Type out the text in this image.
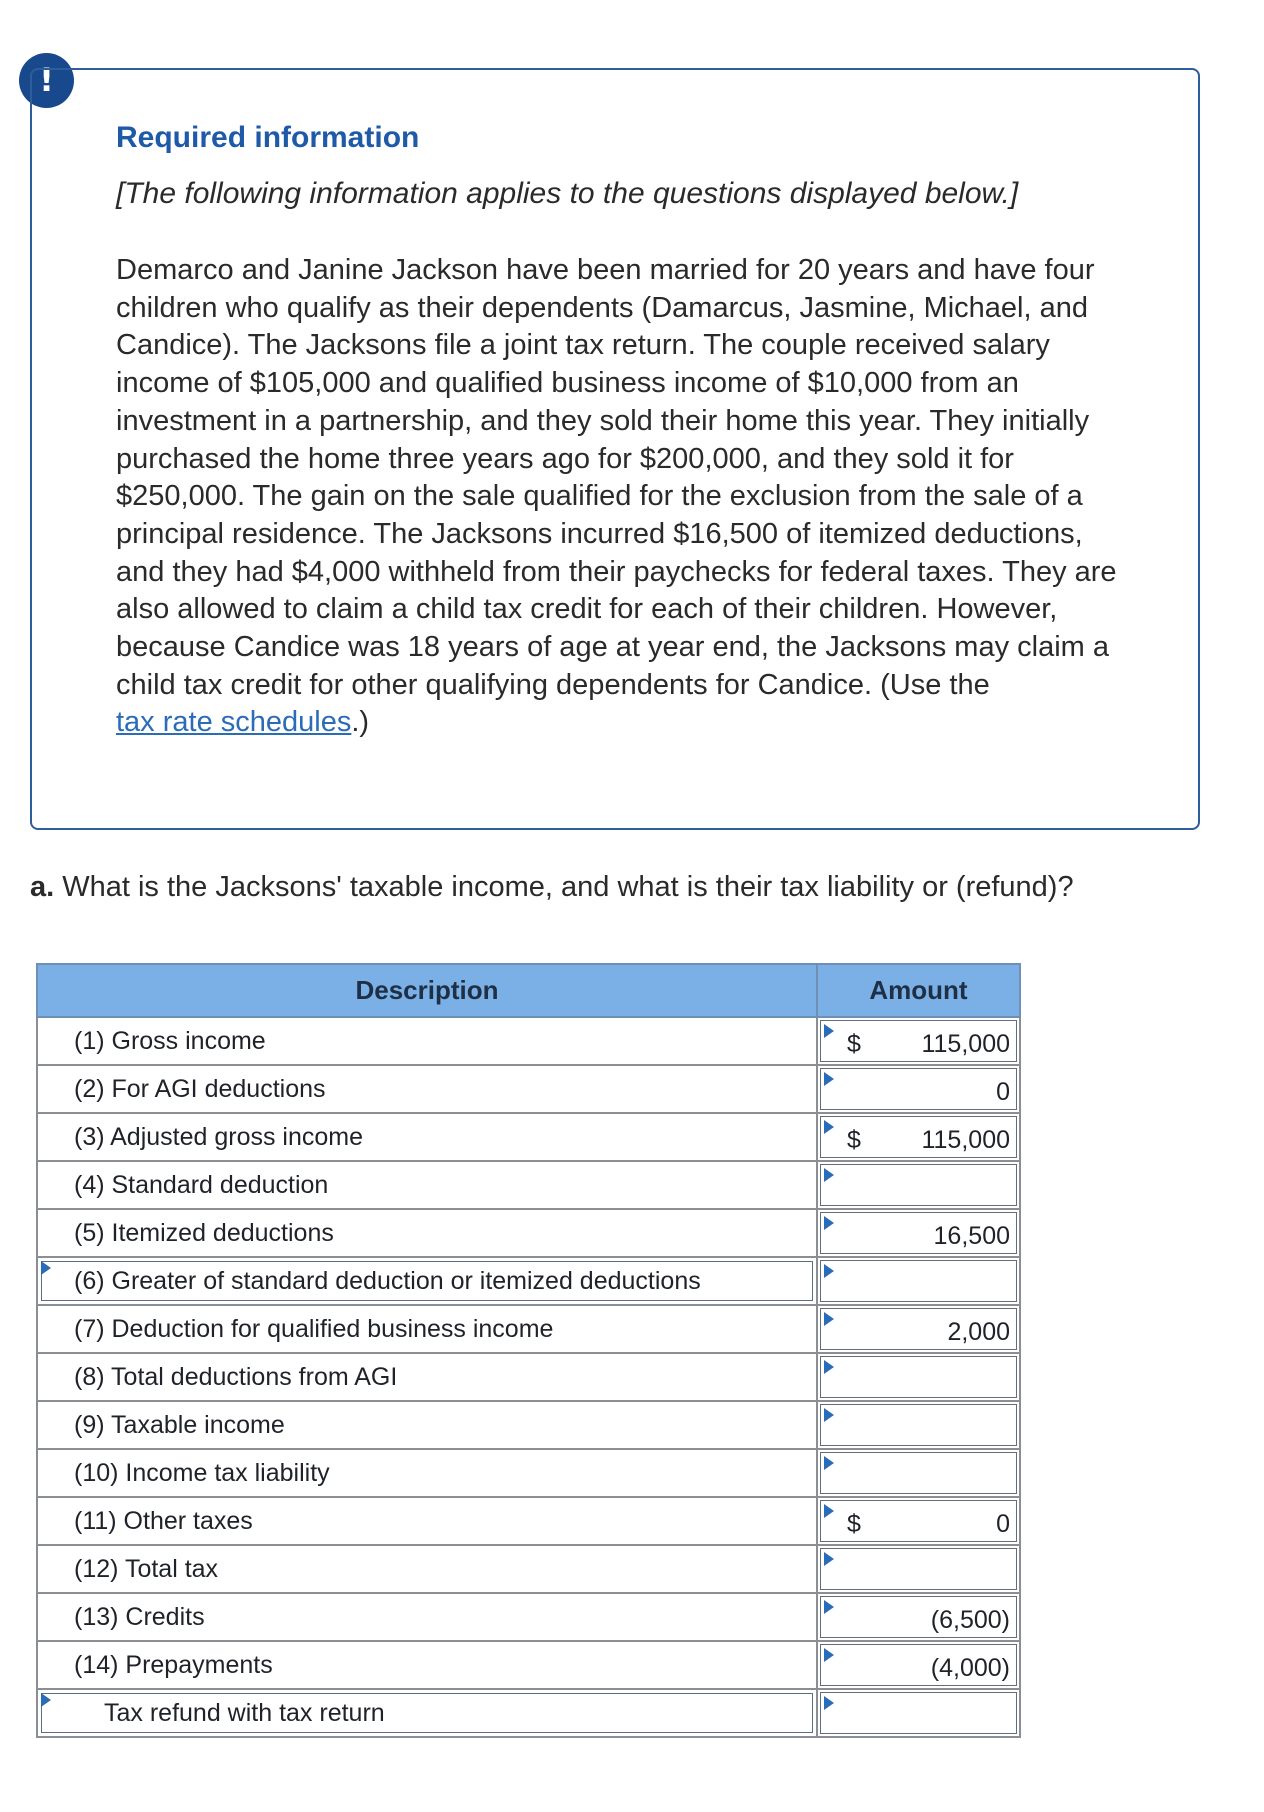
!
Required information

[The following information applies to the questions displayed below.]

Demarco and Janine Jackson have been married for 20 years and have four children who qualify as their dependents (Damarcus, Jasmine, Michael, and Candice). The Jacksons file a joint tax return. The couple received salary income of $105,000 and qualified business income of $10,000 from an investment in a partnership, and they sold their home this year. They initially purchased the home three years ago for $200,000, and they sold it for $250,000. The gain on the sale qualified for the exclusion from the sale of a principal residence. The Jacksons incurred $16,500 of itemized deductions, and they had $4,000 withheld from their paychecks for federal taxes. They are also allowed to claim a child tax credit for each of their children. However, because Candice was 18 years of age at year end, the Jacksons may claim a child tax credit for other qualifying dependents for Candice. (Use the
tax rate schedules.)

a. What is the Jacksons' taxable income, and what is their tax liability or (refund)?

Description	Amount
(1) Gross income	$ 115,000

(2) For AGI deductions	0

(3) Adjusted gross income	$ 115,000

(4) Standard deduction	

(5) Itemized deductions	16,500

(6) Greater of standard deduction or itemized deductions	

(7) Deduction for qualified business income	2,000

(8) Total deductions from AGI	

(9) Taxable income	

(10) Income tax liability	

(11) Other taxes	$ 0

(12) Total tax	

(13) Credits	(6,500)

(14) Prepayments	(4,000)

Tax refund with tax return	
